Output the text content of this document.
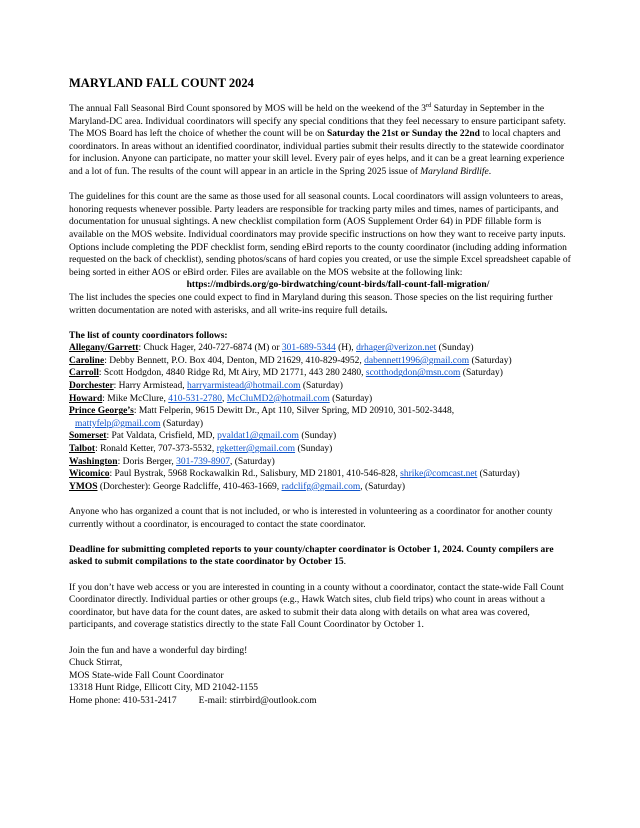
MARYLAND FALL COUNT 2024

The annual Fall Seasonal Bird Count sponsored by MOS will be held on the weekend of the 3rd Saturday in September in the Maryland-DC area. Individual coordinators will specify any special conditions that they feel necessary to ensure participant safety. The MOS Board has left the choice of whether the count will be on Saturday the 21st or Sunday the 22nd to local chapters and coordinators. In areas without an identified coordinator, individual parties submit their results directly to the statewide coordinator for inclusion. Anyone can participate, no matter your skill level. Every pair of eyes helps, and it can be a great learning experience and a lot of fun. The results of the count will appear in an article in the Spring 2025 issue of Maryland Birdlife.

The guidelines for this count are the same as those used for all seasonal counts. Local coordinators will assign volunteers to areas, honoring requests whenever possible. Party leaders are responsible for tracking party miles and times, names of participants, and documentation for unusual sightings. A new checklist compilation form (AOS Supplement Order 64) in PDF fillable form is available on the MOS website. Individual coordinators may provide specific instructions on how they want to receive party inputs. Options include completing the PDF checklist form, sending eBird reports to the county coordinator (including adding information requested on the back of checklist), sending photos/scans of hard copies you created, or use the simple Excel spreadsheet capable of being sorted in either AOS or eBird order. Files are available on the MOS website at the following link:

https://mdbirds.org/go-birdwatching/count-birds/fall-count-fall-migration/

The list includes the species one could expect to find in Maryland during this season. Those species on the list requiring further written documentation are noted with asterisks, and all write-ins require full details.

The list of county coordinators follows:

Allegany/Garrett: Chuck Hager, 240-727-6874 (M) or 301-689-5344 (H), drhager@verizon.net (Sunday)

Caroline: Debby Bennett, P.O. Box 404, Denton, MD 21629, 410-829-4952, dabennett1996@gmail.com (Saturday)

Carroll: Scott Hodgdon, 4840 Ridge Rd, Mt Airy, MD 21771, 443 280 2480, scotthodgdon@msn.com (Saturday)

Dorchester: Harry Armistead, harryarmistead@hotmail.com (Saturday)

Howard: Mike McClure, 410-531-2780, McCluMD2@hotmail.com (Saturday)

Prince George’s: Matt Felperin, 9615 Dewitt Dr., Apt 110, Silver Spring, MD 20910, 301-502-3448,
mattyfelp@gmail.com (Saturday)

Somerset: Pat Valdata, Crisfield, MD, pvaldat1@gmail.com (Sunday)

Talbot: Ronald Ketter, 707-373-5532, rgketter@gmail.com (Sunday)

Washington: Doris Berger, 301-739-8907, (Saturday)

Wicomico: Paul Bystrak, 5968 Rockawalkin Rd., Salisbury, MD 21801, 410-546-828, shrike@comcast.net (Saturday)

YMOS (Dorchester): George Radcliffe, 410-463-1669, radclifg@gmail.com, (Saturday)

Anyone who has organized a count that is not included, or who is interested in volunteering as a coordinator for another county currently without a coordinator, is encouraged to contact the state coordinator.

Deadline for submitting completed reports to your county/chapter coordinator is October 1, 2024. County compilers are asked to submit compilations to the state coordinator by October 15.

If you don’t have web access or you are interested in counting in a county without a coordinator, contact the state-wide Fall Count Coordinator directly. Individual parties or other groups (e.g., Hawk Watch sites, club field trips) who count in areas without a coordinator, but have data for the count dates, are asked to submit their data along with details on what area was covered, participants, and coverage statistics directly to the state Fall Count Coordinator by October 1.

Join the fun and have a wonderful day birding!

Chuck Stirrat,

MOS State-wide Fall Count Coordinator

13318 Hunt Ridge, Ellicott City, MD 21042-1155

Home phone: 410-531-2417 E-mail: stirrbird@outlook.com
